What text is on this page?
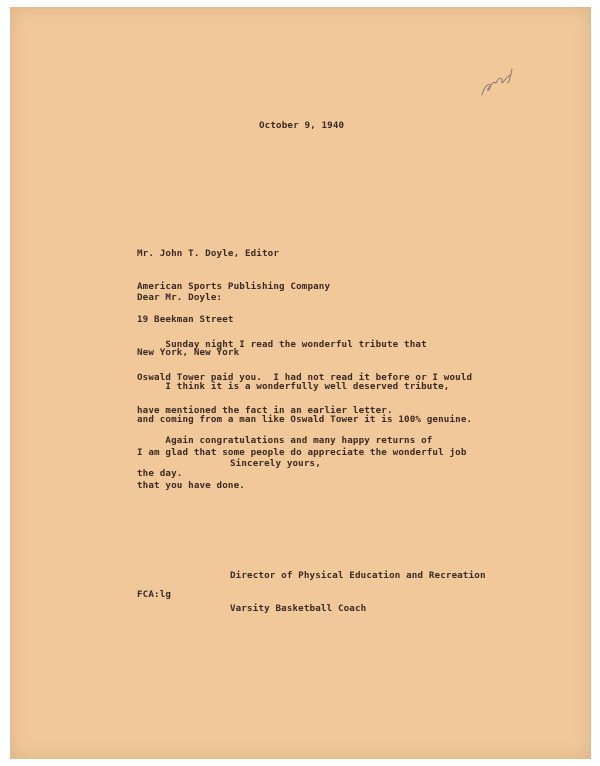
October 9, 1940

Mr. John T. Doyle, Editor

American Sports Publishing Company

19 Beekman Street

New York, New York

Dear Mr. Doyle:

Sunday night I read the wonderful tribute that

Oswald Tower paid you.  I had not read it before or I would

have mentioned the fact in an earlier letter.

I think it is a wonderfully well deserved tribute,

and coming from a man like Oswald Tower it is 100% genuine.

I am glad that some people do appreciate the wonderful job

that you have done.

Again congratulations and many happy returns of

the day.

Sincerely yours,

Director of Physical Education and Recreation

Varsity Basketball Coach

FCA:lg
